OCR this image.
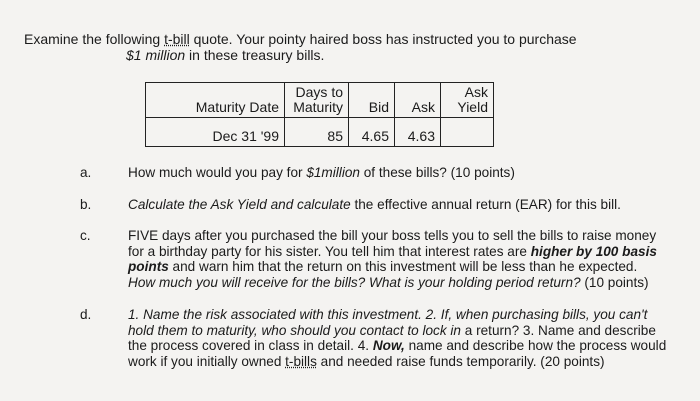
Examine the following t-bill quote. Your pointy haired boss has instructed you to purchase
$1 million in these treasury bills.
Maturity Date	Days to Maturity	Bid	Ask	Ask Yield
Dec 31 '99	85	4.65	4.63	
a.	How much would you pay for $1million of these bills? (10 points)
b.	Calculate the Ask Yield and calculate the effective annual return (EAR) for this bill.
c.	FIVE days after you purchased the bill your boss tells you to sell the bills to raise money for a birthday party for his sister. You tell him that interest rates are higher by 100 basis points and warn him that the return on this investment will be less than he expected. How much you will receive for the bills? What is your holding period return? (10 points)
d.	1. Name the risk associated with this investment. 2. If, when purchasing bills, you can't hold them to maturity, who should you contact to lock in a return? 3. Name and describe the process covered in class in detail. 4. Now, name and describe how the process would work if you initially owned t-bills and needed raise funds temporarily. (20 points)
